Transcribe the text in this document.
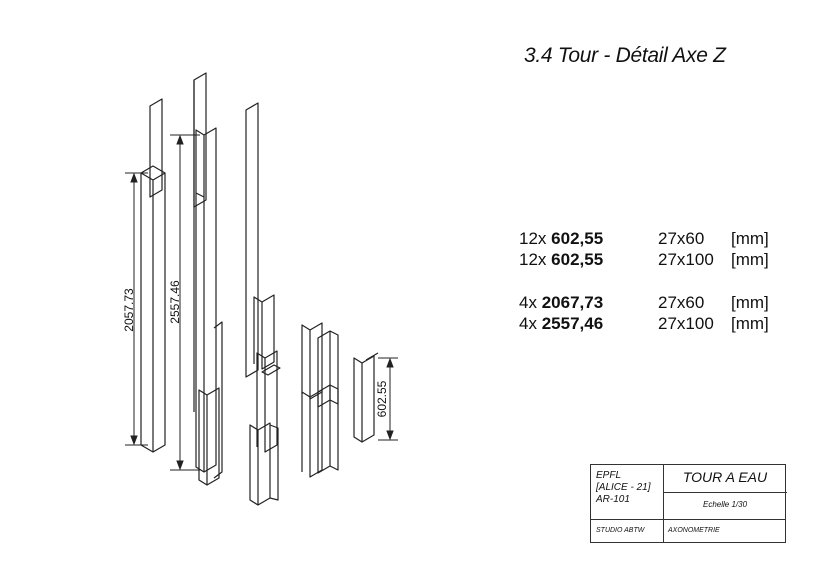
2057.73	2557.46
602.55
3.4 Tour - Détail Axe Z
12x 602,55	27x60 [mm]
12x 602,55	27x100 [mm]
4x 2067,73	27x60 [mm]
4x 2557,46	27x100 [mm]
EPFL
[ALICE - 21]
AR-101
TOUR A EAU
Echelle 1/30
STUDIO ABTW	AXONOMETRIE
